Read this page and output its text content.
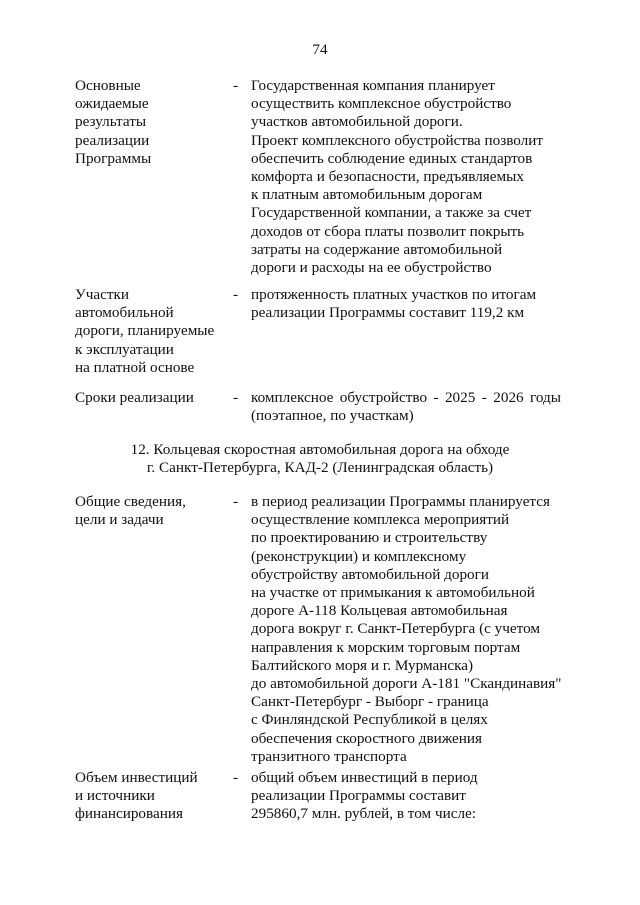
74
Основные
ожидаемые
результаты
реализации
Программы
- Государственная компания планирует
осуществить комплексное обустройство
участков автомобильной дороги.
Проект комплексного обустройства позволит
обеспечить соблюдение единых стандартов
комфорта и безопасности, предъявляемых
к платным автомобильным дорогам
Государственной компании, а также за счет
доходов от сбора платы позволит покрыть
затраты на содержание автомобильной
дороги и расходы на ее обустройство
Участки
автомобильной
дороги, планируемые
к эксплуатации
на платной основе
- протяженность платных участков по итогам
реализации Программы составит 119,2 км
Сроки реализации	- комплексное обустройство - 2025 - 2026 годы
(поэтапное, по участкам)
12. Кольцевая скоростная автомобильная дорога на обходе
г. Санкт-Петербурга, КАД-2 (Ленинградская область)
Общие сведения,
цели и задачи
- в период реализации Программы планируется
осуществление комплекса мероприятий
по проектированию и строительству
(реконструкции) и комплексному
обустройству автомобильной дороги
на участке от примыкания к автомобильной
дороге А-118 Кольцевая автомобильная
дорога вокруг г. Санкт-Петербурга (с учетом
направления к морским торговым портам
Балтийского моря и г. Мурманска)
до автомобильной дороги А-181 "Скандинавия"
Санкт-Петербург - Выборг - граница
с Финляндской Республикой в целях
обеспечения скоростного движения
транзитного транспорта
Объем инвестиций
и источники
финансирования
- общий объем инвестиций в период
реализации Программы составит
295860,7 млн. рублей, в том числе:
